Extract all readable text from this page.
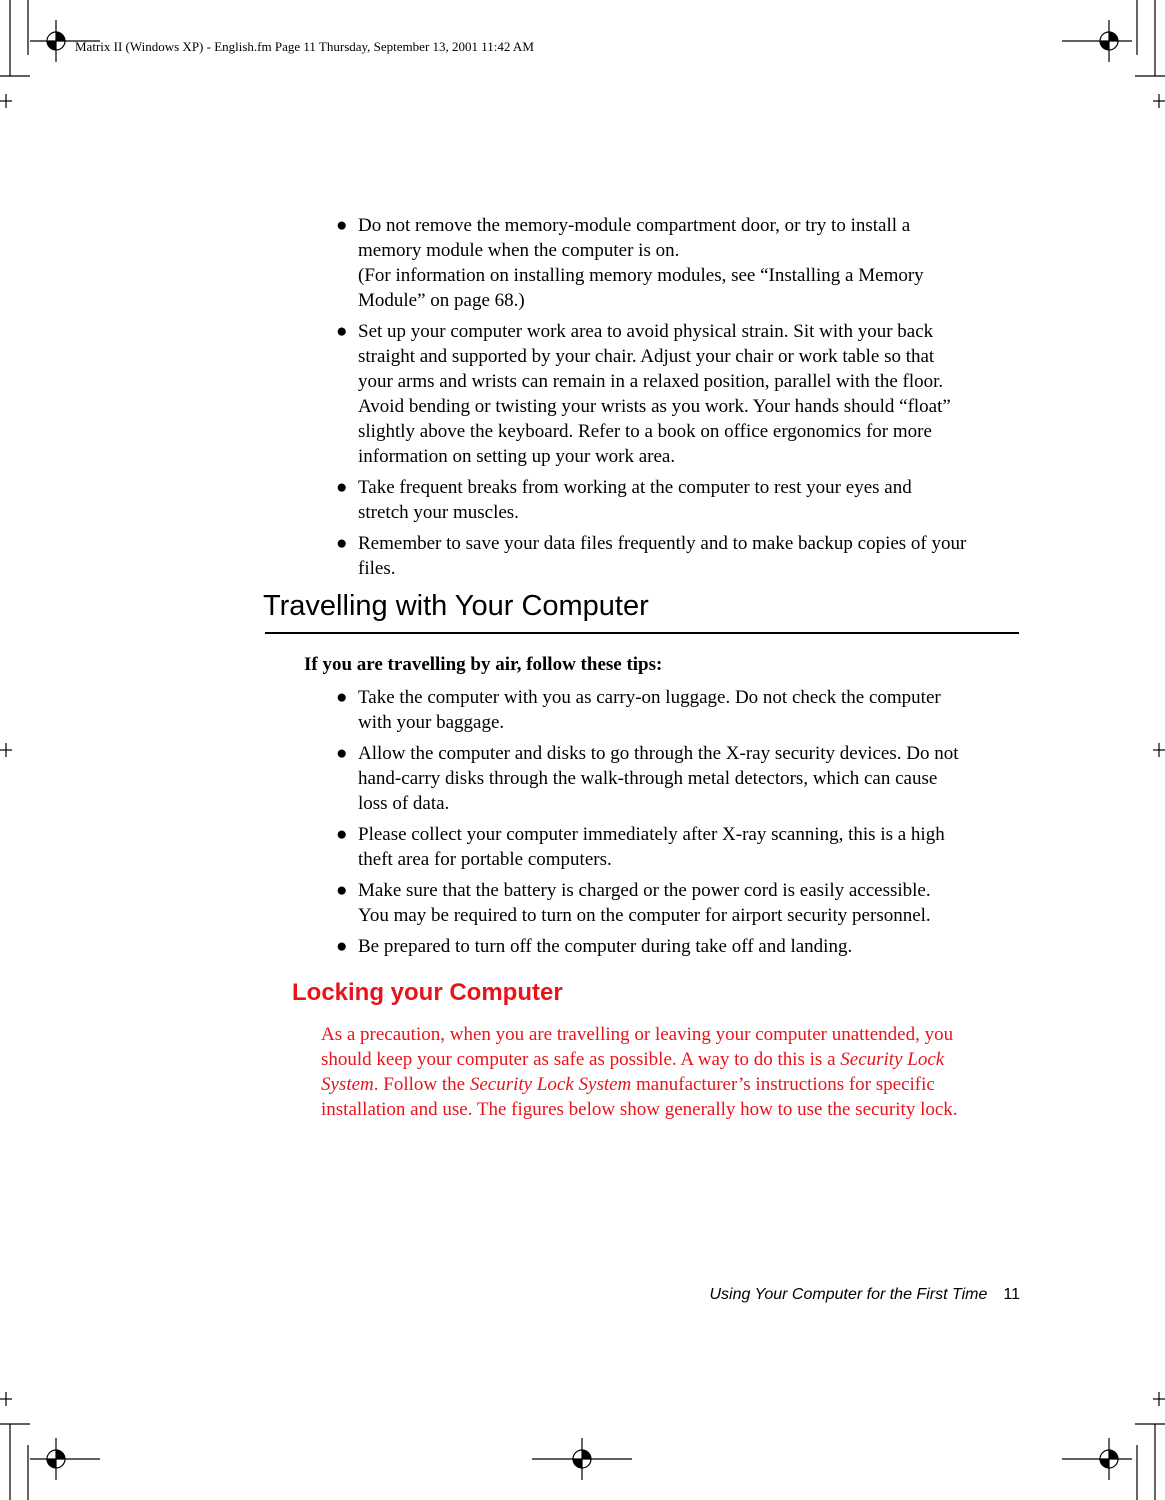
Matrix II (Windows XP) - English.fm Page 11 Thursday, September 13, 2001 11:42 AM
● Do not remove the memory-module compartment door, or try to install a
memory module when the computer is on.
(For information on installing memory modules, see “Installing a Memory
Module” on page 68.)
● Set up your computer work area to avoid physical strain. Sit with your back
straight and supported by your chair. Adjust your chair or work table so that
your arms and wrists can remain in a relaxed position, parallel with the floor.
Avoid bending or twisting your wrists as you work. Your hands should “float”
slightly above the keyboard. Refer to a book on office ergonomics for more
information on setting up your work area.
● Take frequent breaks from working at the computer to rest your eyes and
stretch your muscles.
● Remember to save your data files frequently and to make backup copies of your
files.
Travelling with Your Computer
If you are travelling by air, follow these tips:
● Take the computer with you as carry-on luggage. Do not check the computer
with your baggage.
● Allow the computer and disks to go through the X-ray security devices. Do not
hand-carry disks through the walk-through metal detectors, which can cause
loss of data.
● Please collect your computer immediately after X-ray scanning, this is a high
theft area for portable computers.
● Make sure that the battery is charged or the power cord is easily accessible.
You may be required to turn on the computer for airport security personnel.
● Be prepared to turn off the computer during take off and landing.
Locking your Computer
As a precaution, when you are travelling or leaving your computer unattended, you
should keep your computer as safe as possible. A way to do this is a Security Lock
System. Follow the Security Lock System manufacturer’s instructions for specific
installation and use. The figures below show generally how to use the security lock.
Using Your Computer for the First Time 11
